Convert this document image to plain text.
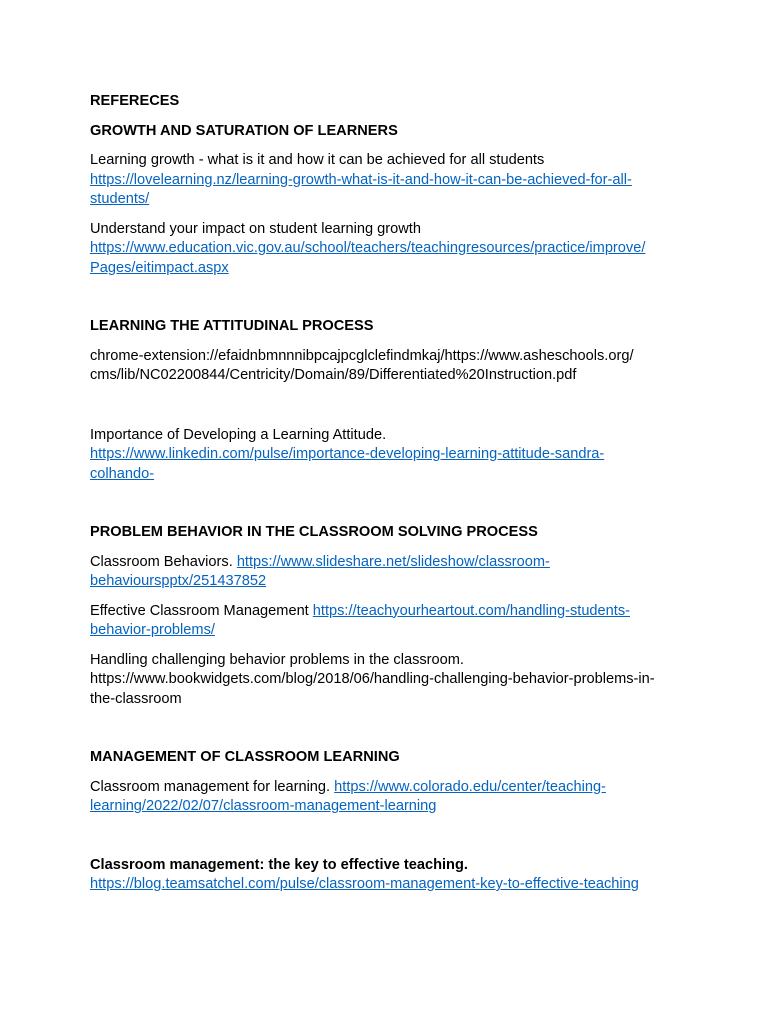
REFERECES

GROWTH AND SATURATION OF LEARNERS

Learning growth - what is it and how it can be achieved for all students
https://lovelearning.nz/learning-growth-what-is-it-and-how-it-can-be-achieved-for-all-
students/

Understand your impact on student learning growth
https://www.education.vic.gov.au/school/teachers/teachingresources/practice/improve/
Pages/eitimpact.aspx

LEARNING THE ATTITUDINAL PROCESS

chrome-extension://efaidnbmnnnibpcajpcglclefindmkaj/https://www.asheschools.org/
cms/lib/NC02200844/Centricity/Domain/89/Differentiated%20Instruction.pdf

Importance of Developing a Learning Attitude.
https://www.linkedin.com/pulse/importance-developing-learning-attitude-sandra-
colhando-

PROBLEM BEHAVIOR IN THE CLASSROOM SOLVING PROCESS

Classroom Behaviors. https://www.slideshare.net/slideshow/classroom-
behaviourspptx/251437852

Effective Classroom Management https://teachyourheartout.com/handling-students-
behavior-problems/

Handling challenging behavior problems in the classroom.
https://www.bookwidgets.com/blog/2018/06/handling-challenging-behavior-problems-in-
the-classroom

MANAGEMENT OF CLASSROOM LEARNING

Classroom management for learning. https://www.colorado.edu/center/teaching-
learning/2022/02/07/classroom-management-learning

Classroom management: the key to effective teaching.
https://blog.teamsatchel.com/pulse/classroom-management-key-to-effective-teaching
